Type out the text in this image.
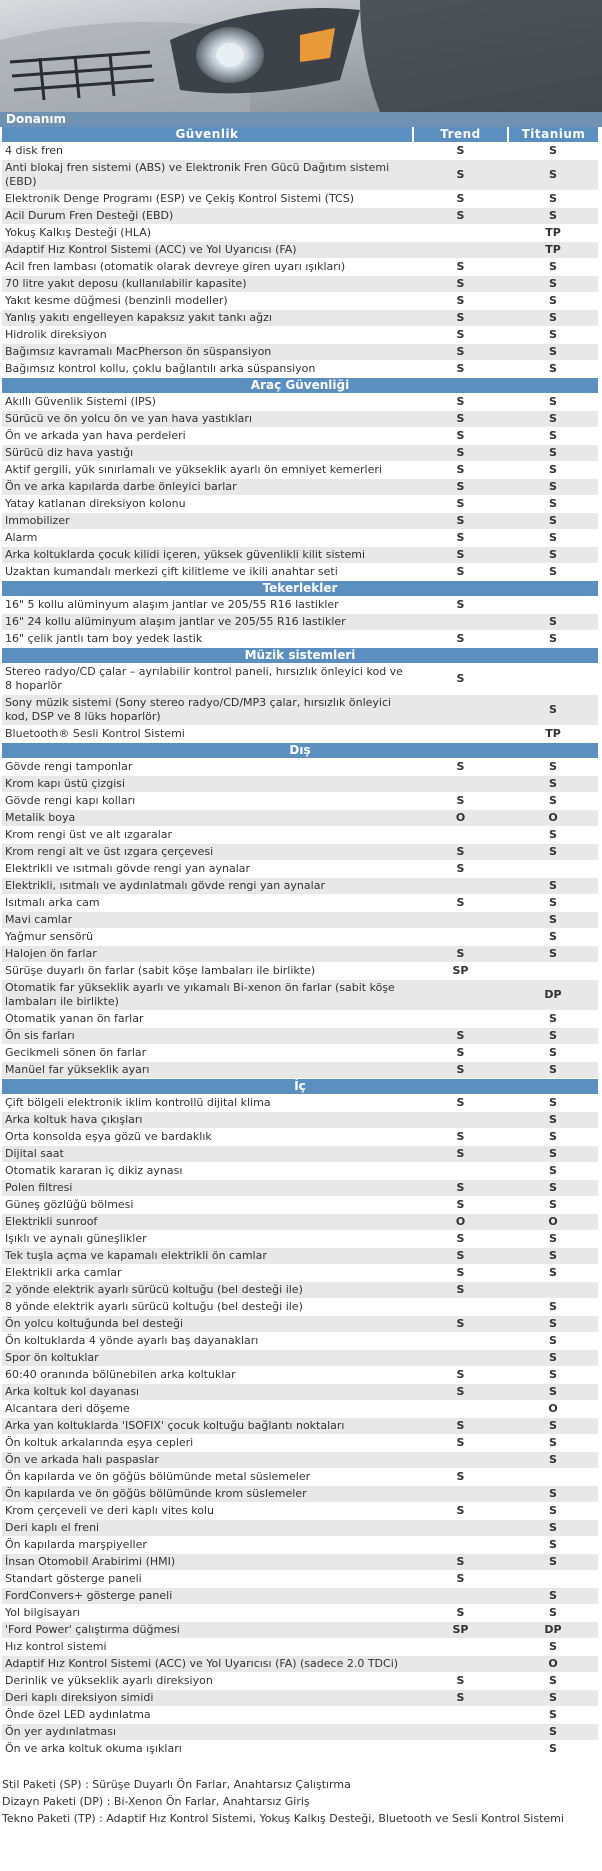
Donanım
Güvenlik	Trend	Titanium
4 disk fren	S	S
Anti blokaj fren sistemi (ABS) ve Elektronik Fren Gücü Dağıtım sistemi (EBD)	S	S
Elektronik Denge Programı (ESP) ve Çekiş Kontrol Sistemi (TCS)	S	S
Acil Durum Fren Desteği (EBD)	S	S
Yokuş Kalkış Desteği (HLA)		TP
Adaptif Hız Kontrol Sistemi (ACC) ve Yol Uyarıcısı (FA)		TP
Acil fren lambası (otomatik olarak devreye giren uyarı ışıkları)	S	S
70 litre yakıt deposu (kullanılabilir kapasite)	S	S
Yakıt kesme düğmesi (benzinli modeller)	S	S
Yanlış yakıtı engelleyen kapaksız yakıt tankı ağzı	S	S
Hidrolik direksiyon	S	S
Bağımsız kavramalı MacPherson ön süspansiyon	S	S
Bağımsız kontrol kollu, çoklu bağlantılı arka süspansiyon	S	S
Araç Güvenliği		
Akıllı Güvenlik Sistemi (IPS)	S	S
Sürücü ve ön yolcu ön ve yan hava yastıkları	S	S
Ön ve arkada yan hava perdeleri	S	S
Sürücü diz hava yastığı	S	S
Aktif gergili, yük sınırlamalı ve yükseklik ayarlı ön emniyet kemerleri	S	S
Ön ve arka kapılarda darbe önleyici barlar	S	S
Yatay katlanan direksiyon kolonu	S	S
Immobilizer	S	S
Alarm	S	S
Arka koltuklarda çocuk kilidi içeren, yüksek güvenlikli kilit sistemi	S	S
Uzaktan kumandalı merkezi çift kilitleme ve ikili anahtar seti	S	S
Tekerlekler		
16" 5 kollu alüminyum alaşım jantlar ve 205/55 R16 lastikler	S	
16" 24 kollu alüminyum alaşım jantlar ve 205/55 R16 lastikler		S
16" çelik jantlı tam boy yedek lastik	S	S
Müzik sistemleri		
Stereo radyo/CD çalar – ayrılabilir kontrol paneli, hırsızlık önleyici kod ve 8 hoparlör	S	
Sony müzik sistemi (Sony stereo radyo/CD/MP3 çalar, hırsızlık önleyici kod, DSP ve 8 lüks hoparlör)		S
Bluetooth® Sesli Kontrol Sistemi		TP
Dış		
Gövde rengi tamponlar	S	S
Krom kapı üstü çizgisi		S
Gövde rengi kapı kolları	S	S
Metalik boya	O	O
Krom rengi üst ve alt ızgaralar		S
Krom rengi alt ve üst ızgara çerçevesi	S	S
Elektrikli ve ısıtmalı gövde rengi yan aynalar	S	
Elektrikli, ısıtmalı ve aydınlatmalı gövde rengi yan aynalar		S
Isıtmalı arka cam	S	S
Mavi camlar		S
Yağmur sensörü		S
Halojen ön farlar	S	S
Sürüşe duyarlı ön farlar (sabit köşe lambaları ile birlikte)	SP	
Otomatik far yükseklik ayarlı ve yıkamalı Bi-xenon ön farlar (sabit köşe lambaları ile birlikte)		DP
Otomatik yanan ön farlar		S
Ön sis farları	S	S
Gecikmeli sönen ön farlar	S	S
Manüel far yükseklik ayarı	S	S
İç		
Çift bölgeli elektronik iklim kontrollü dijital klima	S	S
Arka koltuk hava çıkışları		S
Orta konsolda eşya gözü ve bardaklık	S	S
Dijital saat	S	S
Otomatik kararan iç dikiz aynası		S
Polen filtresi	S	S
Güneş gözlüğü bölmesi	S	S
Elektrikli sunroof	O	O
Işıklı ve aynalı güneşlikler	S	S
Tek tuşla açma ve kapamalı elektrikli ön camlar	S	S
Elektrikli arka camlar	S	S
2 yönde elektrik ayarlı sürücü koltuğu (bel desteği ile)	S	
8 yönde elektrik ayarlı sürücü koltuğu (bel desteği ile)		S
Ön yolcu koltuğunda bel desteği	S	S
Ön koltuklarda 4 yönde ayarlı baş dayanakları		S
Spor ön koltuklar		S
60:40 oranında bölünebilen arka koltuklar	S	S
Arka koltuk kol dayanası	S	S
Alcantara deri döşeme		O
Arka yan koltuklarda 'ISOFIX' çocuk koltuğu bağlantı noktaları	S	S
Ön koltuk arkalarında eşya cepleri	S	S
Ön ve arkada halı paspaslar		S
Ön kapılarda ve ön göğüs bölümünde metal süslemeler	S	
Ön kapılarda ve ön göğüs bölümünde krom süslemeler		S
Krom çerçeveli ve deri kaplı vites kolu	S	S
Deri kaplı el freni		S
Ön kapılarda marşpiyeller		S
İnsan Otomobil Arabirimi (HMI)	S	S
Standart gösterge paneli	S	
FordConvers+ gösterge paneli		S
Yol bilgisayarı	S	S
'Ford Power' çalıştırma düğmesi	SP	DP
Hız kontrol sistemi		S
Adaptif Hız Kontrol Sistemi (ACC) ve Yol Uyarıcısı (FA) (sadece 2.0 TDCi)		O
Derinlik ve yükseklik ayarlı direksiyon	S	S
Deri kaplı direksiyon simidi	S	S
Önde özel LED aydınlatma		S
Ön yer aydınlatması		S
Ön ve arka koltuk okuma ışıkları		S
Stil Paketi (SP) : Sürüşe Duyarlı Ön Farlar, Anahtarsız Çalıştırma
Dizayn Paketi (DP) : Bi-Xenon Ön Farlar, Anahtarsız Giriş
Tekno Paketi (TP) : Adaptif Hız Kontrol Sistemi, Yokuş Kalkış Desteği, Bluetooth ve Sesli Kontrol Sistemi
